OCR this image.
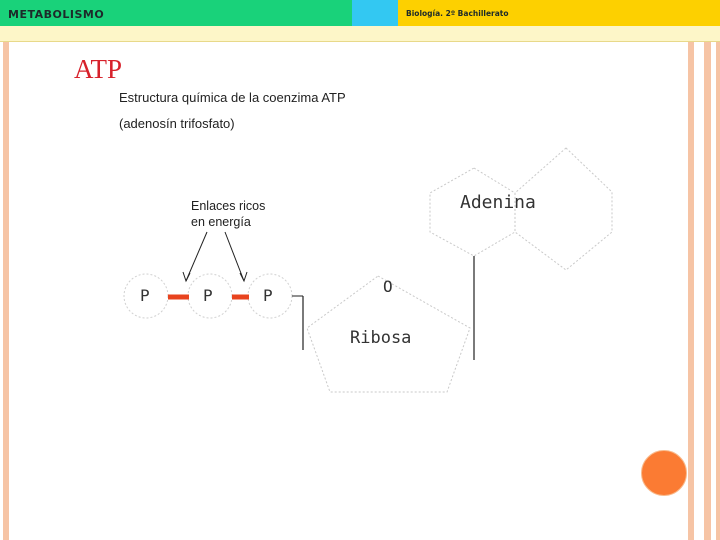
METABOLISMO	Biología. 2º Bachillerato
ATP
Estructura química de la coenzima ATP
(adenosín trifosfato)
Enlaces ricos
en energía
P	P	P	O
Ribosa
Adenina
